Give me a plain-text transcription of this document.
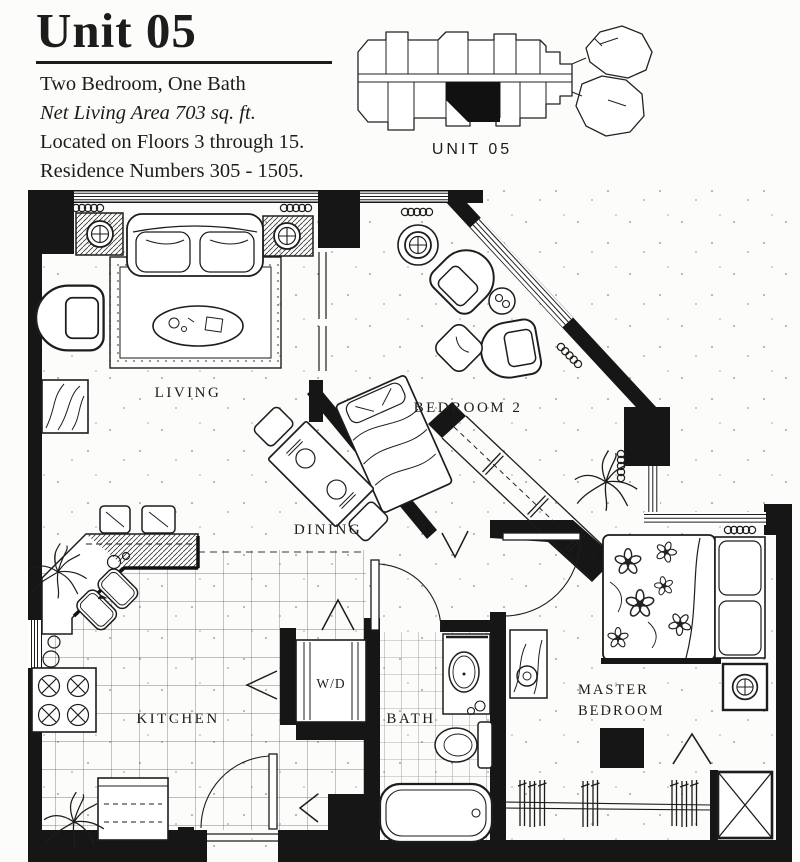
Unit 05

Two Bedroom, One Bath

Net Living Area 703 sq. ft.

Located on Floors 3 through 15.

Residence Numbers 305 - 1505.

UNIT 05
LIVING
BEDROOM 2
DINING
KITCHEN
W/D
BATH
MASTER
BEDROOM
